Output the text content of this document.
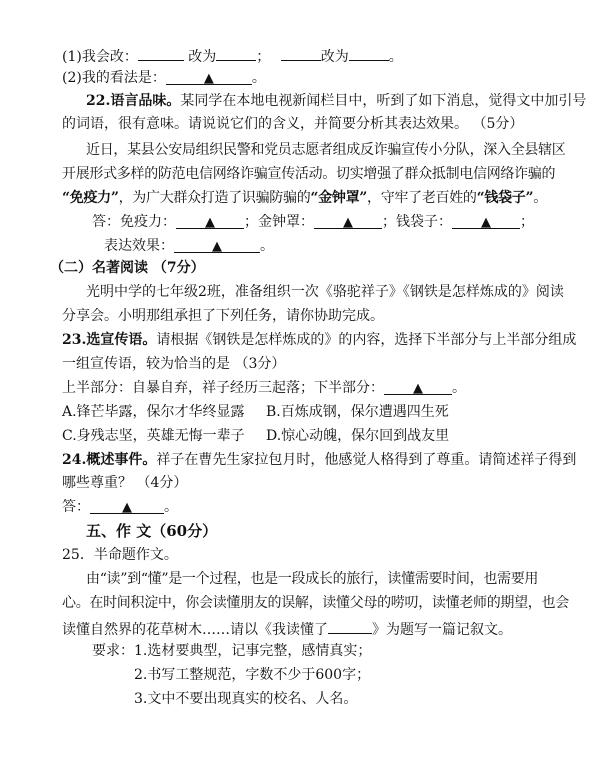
(1)我会改：	改为	；	改为	。
(2)我的看法是：	▲	。
22.语言品味。某同学在本地电视新闻栏目中，听到了如下消息，觉得文中加引号
的词语，很有意味。请说说它们的含义，并简要分析其表达效果。 （5分）
近日，某县公安局组织民警和党员志愿者组成反诈骗宣传小分队，深入全县辖区
开展形式多样的防范电信网络诈骗宣传活动。切实增强了群众抵制电信网络诈骗的
“免疫力”，为广大群众打造了识骗防骗的“金钟罩”，守牢了老百姓的“钱袋子”。
答：免疫力： ▲ ；金钟罩： ▲ ；钱袋子： ▲ ；
表达效果：	▲	。
（二）名著阅读 （7分）
光明中学的七年级2班，准备组织一次《骆驼祥子》《钢铁是怎样炼成的》阅读
分享会。小明那组承担了下列任务，请你协助完成。
23.选宣传语。请根据《钢铁是怎样炼成的》的内容，选择下半部分与上半部分组成
一组宣传语，较为恰当的是 （3分）
上半部分：自暴自弃，祥子经历三起落；下半部分： ▲ 。
A.锋芒毕露，保尔才华终显露 B.百炼成钢，保尔遭遇四生死
C.身残志坚，英雄无悔一辈子 D.惊心动魄，保尔回到战友里
24.概述事件。祥子在曹先生家拉包月时，他感觉人格得到了尊重。请简述祥子得到
哪些尊重？ （4分）
答： ▲ 。
五、作 文（60分）
25．半命题作文。
由“读”到“懂”是一个过程，也是一段成长的旅行，读懂需要时间，也需要用
心。在时间积淀中，你会读懂朋友的误解，读懂父母的唠叨，读懂老师的期望，也会
读懂自然界的花草树木……请以《我读懂了	》为题写一篇记叙文。
要求：1.选材要典型，记事完整，感情真实；
2.书写工整规范，字数不少于600字；
3.文中不要出现真实的校名、人名。
